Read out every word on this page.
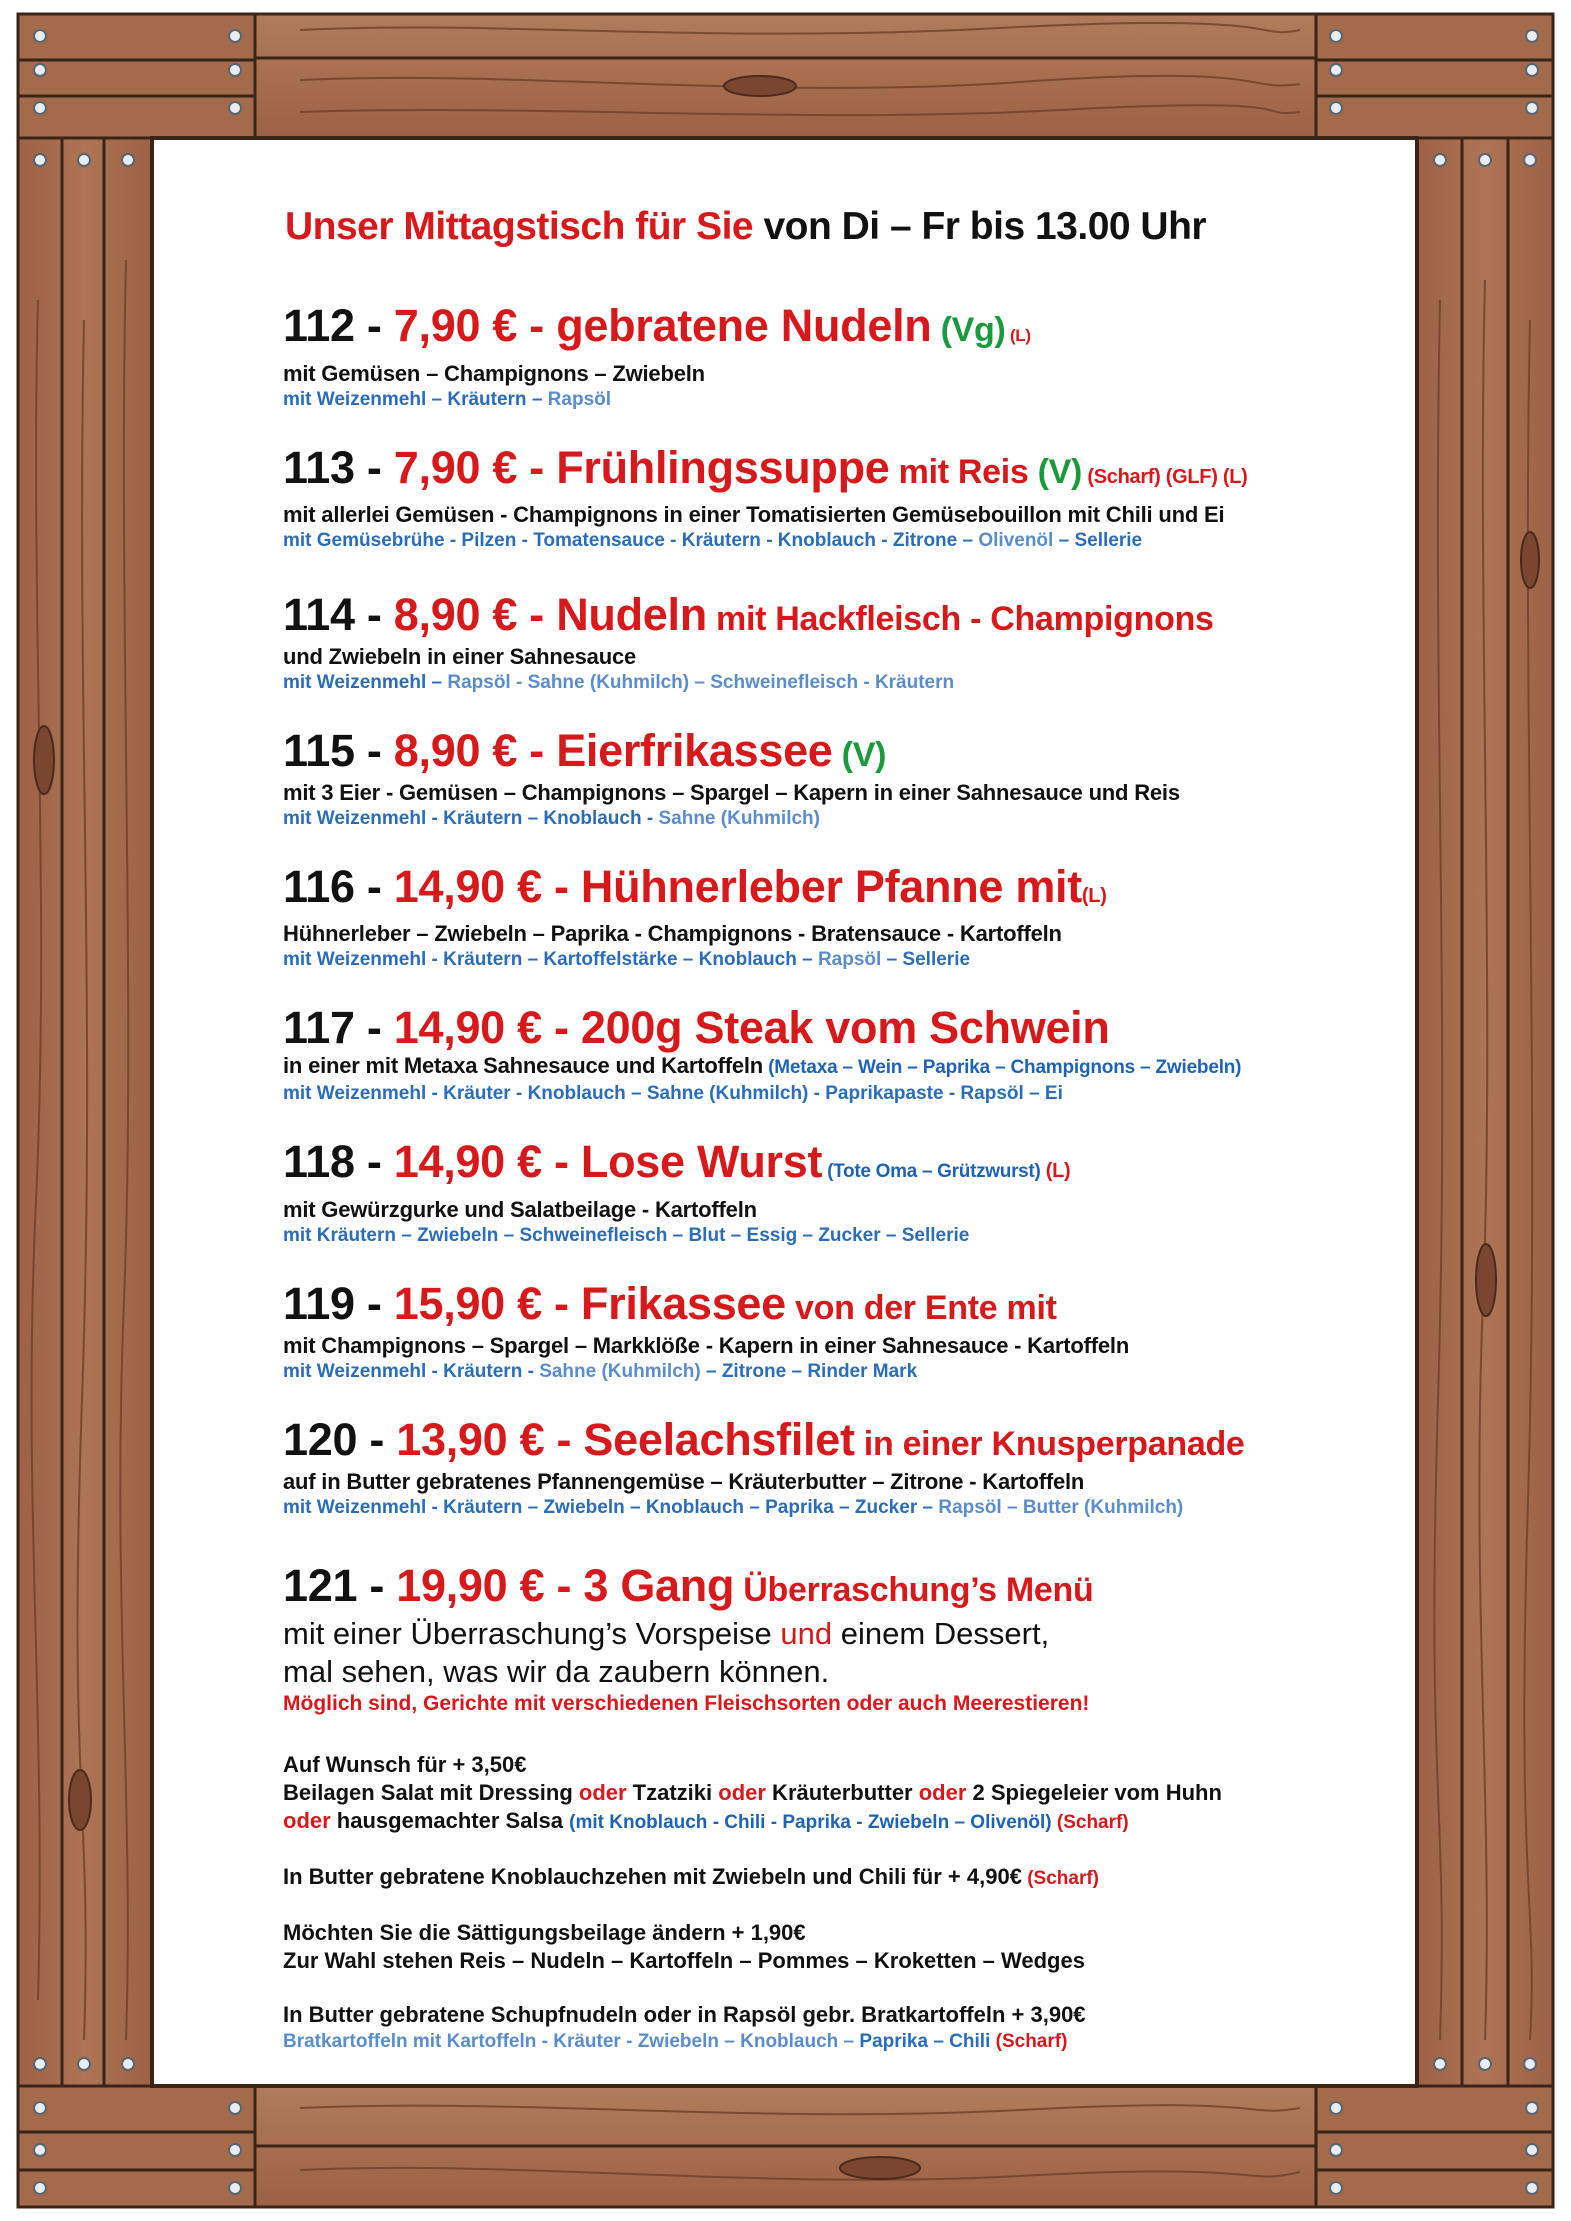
Unser Mittagstisch für Sie von Di – Fr bis 13.00 Uhr
112 - 7,90 € - gebratene Nudeln (Vg) (L)
mit Gemüsen – Champignons – Zwiebeln
mit Weizenmehl – Kräutern – Rapsöl
113 - 7,90 € - Frühlingssuppe mit Reis (V) (Scharf) (GLF) (L)
mit allerlei Gemüsen - Champignons in einer Tomatisierten Gemüsebouillon mit Chili und Ei
mit Gemüsebrühe - Pilzen - Tomatensauce - Kräutern - Knoblauch - Zitrone – Olivenöl – Sellerie
114 - 8,90 € - Nudeln mit Hackfleisch - Champignons
und Zwiebeln in einer Sahnesauce
mit Weizenmehl – Rapsöl - Sahne (Kuhmilch) – Schweinefleisch - Kräutern
115 - 8,90 € - Eierfrikassee (V)
mit 3 Eier - Gemüsen – Champignons – Spargel – Kapern in einer Sahnesauce und Reis
mit Weizenmehl - Kräutern – Knoblauch - Sahne (Kuhmilch)
116 - 14,90 € - Hühnerleber Pfanne mit(L)
Hühnerleber – Zwiebeln – Paprika - Champignons - Bratensauce - Kartoffeln
mit Weizenmehl - Kräutern – Kartoffelstärke – Knoblauch – Rapsöl – Sellerie
117 - 14,90 € - 200g Steak vom Schwein
in einer mit Metaxa Sahnesauce und Kartoffeln (Metaxa – Wein – Paprika – Champignons – Zwiebeln)
mit Weizenmehl - Kräuter - Knoblauch – Sahne (Kuhmilch) - Paprikapaste - Rapsöl – Ei
118 - 14,90 € - Lose Wurst (Tote Oma – Grützwurst) (L)
mit Gewürzgurke und Salatbeilage - Kartoffeln
mit Kräutern – Zwiebeln – Schweinefleisch – Blut – Essig – Zucker – Sellerie
119 - 15,90 € - Frikassee von der Ente mit
mit Champignons – Spargel – Markklöße - Kapern in einer Sahnesauce - Kartoffeln
mit Weizenmehl - Kräutern - Sahne (Kuhmilch) – Zitrone – Rinder Mark
120 - 13,90 € - Seelachsfilet in einer Knusperpanade
auf in Butter gebratenes Pfannengemüse – Kräuterbutter – Zitrone - Kartoffeln
mit Weizenmehl - Kräutern – Zwiebeln – Knoblauch – Paprika – Zucker – Rapsöl – Butter (Kuhmilch)
121 - 19,90 € - 3 Gang Überraschung’s Menü
mit einer Überraschung’s Vorspeise und einem Dessert,
mal sehen, was wir da zaubern können.
Möglich sind, Gerichte mit verschiedenen Fleischsorten oder auch Meerestieren!
Auf Wunsch für + 3,50€
Beilagen Salat mit Dressing oder Tzatziki oder Kräuterbutter oder 2 Spiegeleier vom Huhn
oder hausgemachter Salsa (mit Knoblauch - Chili - Paprika - Zwiebeln – Olivenöl) (Scharf)
In Butter gebratene Knoblauchzehen mit Zwiebeln und Chili für + 4,90€ (Scharf)
Möchten Sie die Sättigungsbeilage ändern + 1,90€
Zur Wahl stehen Reis – Nudeln – Kartoffeln – Pommes – Kroketten – Wedges
In Butter gebratene Schupfnudeln oder in Rapsöl gebr. Bratkartoffeln + 3,90€
Bratkartoffeln mit Kartoffeln - Kräuter - Zwiebeln – Knoblauch – Paprika – Chili (Scharf)
